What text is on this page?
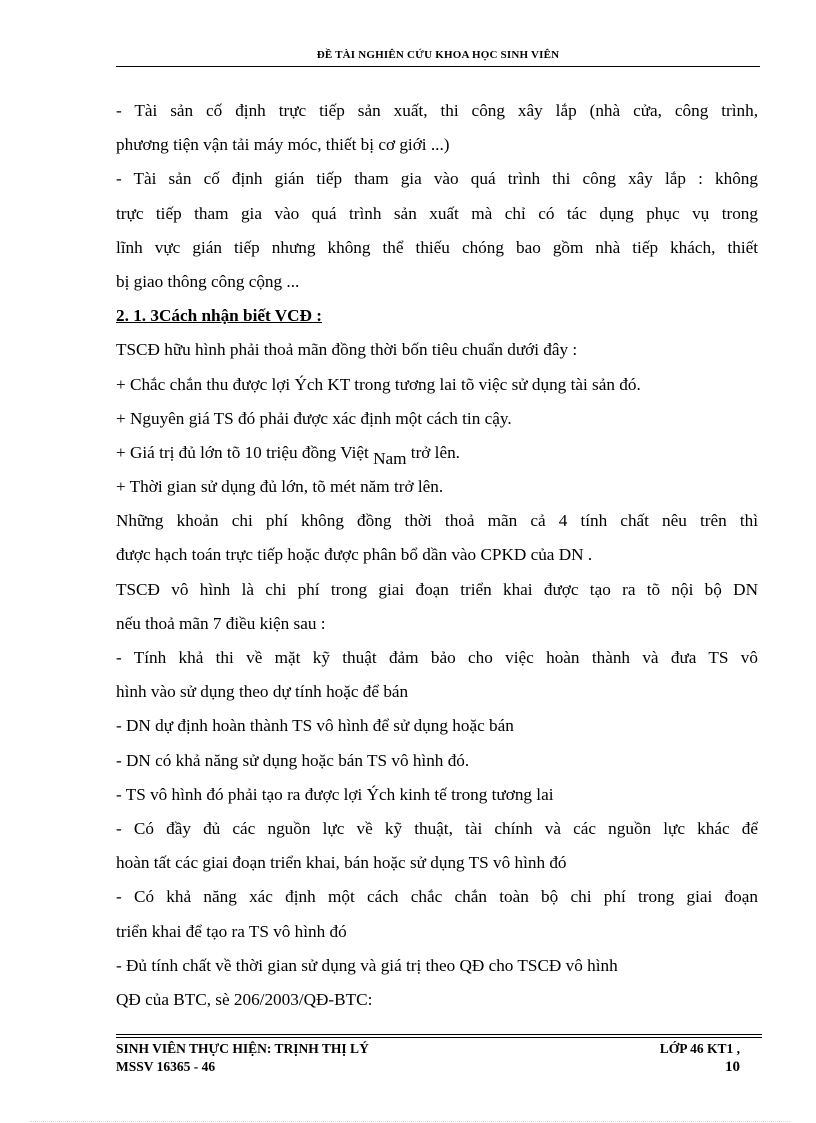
ĐỀ TÀI NGHIÊN CỨU KHOA HỌC SINH VIÊN
- Tài sản cố định trực tiếp sản xuất, thi công xây lắp (nhà cửa, công trình,
phương tiện vận tải máy móc, thiết bị cơ giới ...)
- Tài sản cố định gián tiếp tham gia vào quá trình thi công xây lắp : không
trực tiếp tham gia vào quá trình sản xuất mà chỉ có tác dụng phục vụ trong
lĩnh vực gián tiếp nhưng không thể thiếu chóng bao gồm nhà tiếp khách, thiết
bị giao thông công cộng ...
2. 1. 3Cách nhận biết VCĐ :
TSCĐ hữu hình phải thoả mãn đồng thời bốn tiêu chuẩn dưới đây :
+ Chắc chắn thu được lợi Ých KT trong tương lai tõ việc sử dụng tài sản đó.
+ Nguyên giá TS đó phải được xác định một cách tin cậy.
+ Giá trị đủ lớn tõ 10 triệu đồng Việt Nam trở lên.
+ Thời gian sử dụng đủ lớn, tõ mét năm trở lên.
Những khoản chi phí không đồng thời thoả mãn cả 4 tính chất nêu trên thì
được hạch toán trực tiếp hoặc được phân bổ dần vào CPKD của DN .
TSCĐ vô hình là chi phí trong giai đoạn triển khai được tạo ra tõ nội bộ DN
nếu thoả mãn 7 điều kiện sau :
- Tính khả thi về mặt kỹ thuật đảm bảo cho việc hoàn thành và đưa TS vô
hình vào sử dụng theo dự tính hoặc để bán
- DN dự định hoàn thành TS vô hình để sử dụng hoặc bán
- DN có khả năng sử dụng hoặc bán TS vô hình đó.
- TS vô hình đó phải tạo ra được lợi Ých kinh tế trong tương lai
- Có đầy đủ các nguồn lực về kỹ thuật, tài chính và các nguồn lực khác để
hoàn tất các giai đoạn triển khai, bán hoặc sử dụng TS vô hình đó
- Có khả năng xác định một cách chắc chắn toàn bộ chi phí trong giai đoạn
triển khai để tạo ra TS vô hình đó
- Đủ tính chất về thời gian sử dụng và giá trị theo QĐ cho TSCĐ vô hình
QĐ của BTC, sè 206/2003/QĐ-BTC:
SINH VIÊN THỰC HIỆN: TRỊNH THỊ LÝ	LỚP 46 KT1 ,
MSSV 16365 - 46	10
